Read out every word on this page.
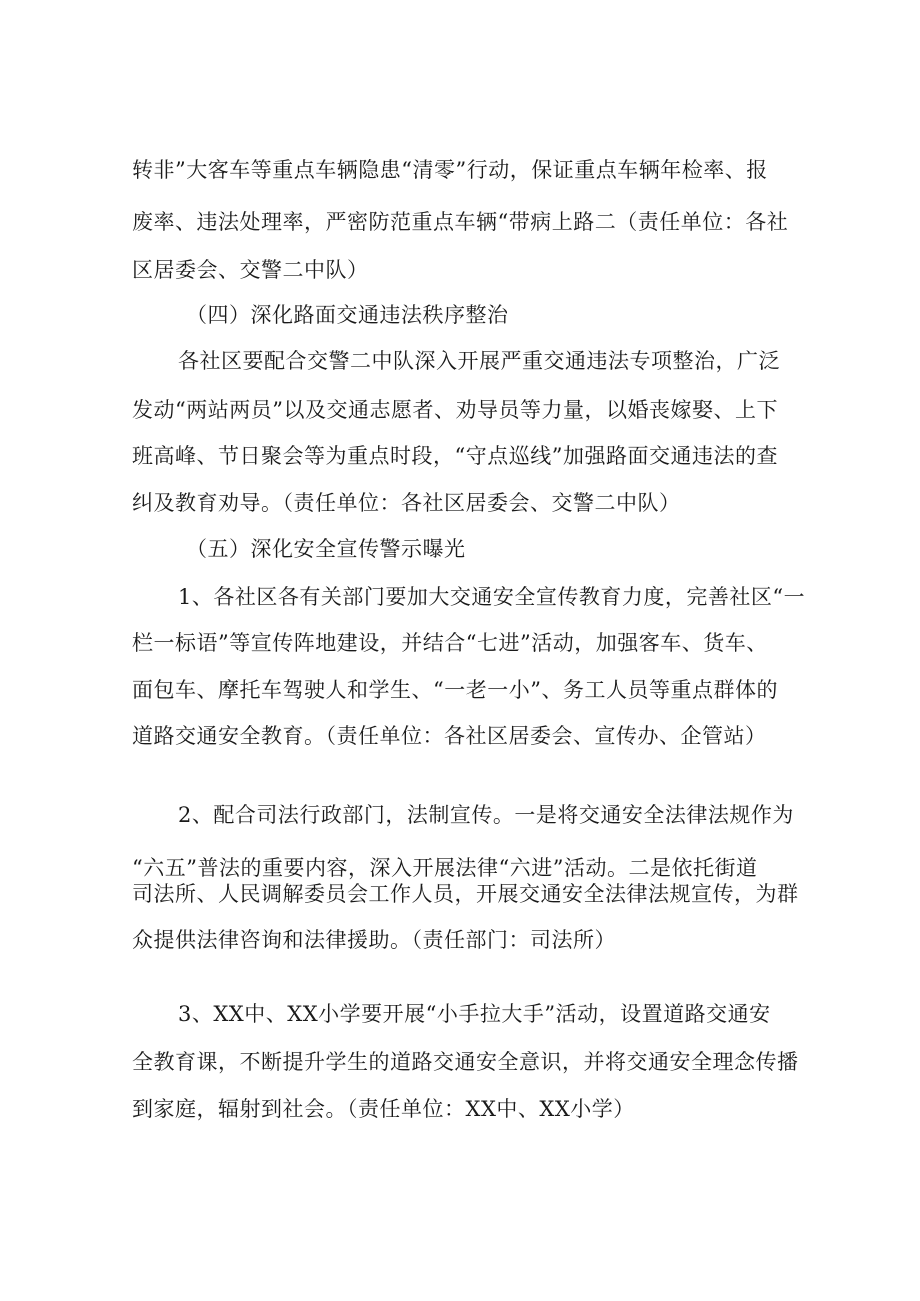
转非”大客车等重点车辆隐患“清零”行动，保证重点车辆年检率、报
废率、违法处理率，严密防范重点车辆“带病上路二（责任单位：各社
区居委会、交警二中队）
（四）深化路面交通违法秩序整治
各社区要配合交警二中队深入开展严重交通违法专项整治，广泛
发动“两站两员”以及交通志愿者、劝导员等力量，以婚丧嫁娶、上下
班高峰、节日聚会等为重点时段，“守点巡线”加强路面交通违法的查
纠及教育劝导。（责任单位：各社区居委会、交警二中队）
（五）深化安全宣传警示曝光
1、各社区各有关部门要加大交通安全宣传教育力度，完善社区“一
栏一标语”等宣传阵地建设，并结合“七进”活动，加强客车、货车、
面包车、摩托车驾驶人和学生、“一老一小”、务工人员等重点群体的
道路交通安全教育。（责任单位：各社区居委会、宣传办、企管站）
2、配合司法行政部门，法制宣传。一是将交通安全法律法规作为
“六五”普法的重要内容，深入开展法律“六进”活动。二是依托街道
司法所、人民调解委员会工作人员，开展交通安全法律法规宣传，为群
众提供法律咨询和法律援助。（责任部门：司法所）
3、XX中、XX小学要开展“小手拉大手”活动，设置道路交通安
全教育课，不断提升学生的道路交通安全意识，并将交通安全理念传播
到家庭，辐射到社会。（责任单位：XX中、XX小学）
